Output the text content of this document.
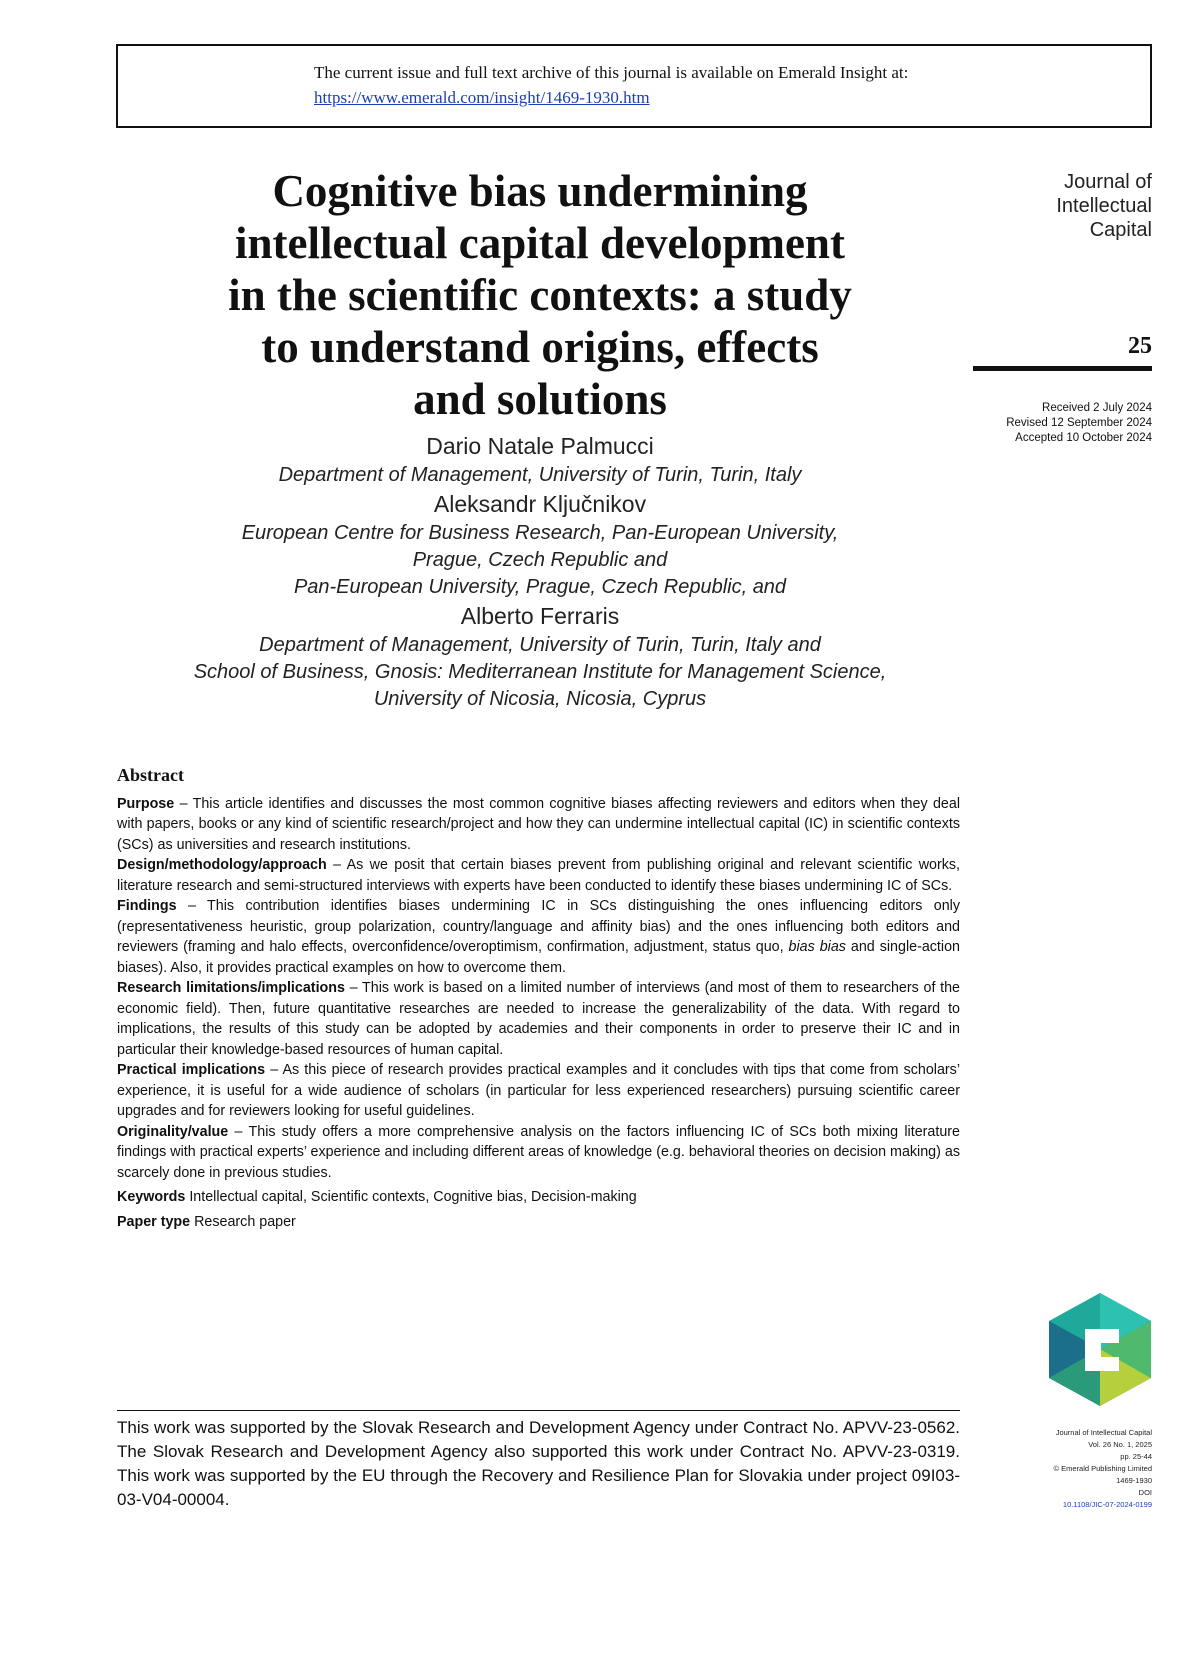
The current issue and full text archive of this journal is available on Emerald Insight at:
https://www.emerald.com/insight/1469-1930.htm
Cognitive bias undermining
intellectual capital development
in the scientific contexts: a study
to understand origins, effects
and solutions
Journal of
Intellectual
Capital
25
Received 2 July 2024
Revised 12 September 2024
Accepted 10 October 2024
Dario Natale Palmucci
Department of Management, University of Turin, Turin, Italy
Aleksandr Ključnikov
European Centre for Business Research, Pan-European University,
Prague, Czech Republic and
Pan-European University, Prague, Czech Republic, and
Alberto Ferraris
Department of Management, University of Turin, Turin, Italy and
School of Business, Gnosis: Mediterranean Institute for Management Science,
University of Nicosia, Nicosia, Cyprus
Abstract

Purpose – This article identifies and discusses the most common cognitive biases affecting reviewers and editors when they deal with papers, books or any kind of scientific research/project and how they can undermine intellectual capital (IC) in scientific contexts (SCs) as universities and research institutions.

Design/methodology/approach – As we posit that certain biases prevent from publishing original and relevant scientific works, literature research and semi-structured interviews with experts have been conducted to identify these biases undermining IC of SCs.

Findings – This contribution identifies biases undermining IC in SCs distinguishing the ones influencing editors only (representativeness heuristic, group polarization, country/language and affinity bias) and the ones influencing both editors and reviewers (framing and halo effects, overconfidence/overoptimism, confirmation, adjustment, status quo, bias bias and single-action biases). Also, it provides practical examples on how to overcome them.

Research limitations/implications – This work is based on a limited number of interviews (and most of them to researchers of the economic field). Then, future quantitative researches are needed to increase the generalizability of the data. With regard to implications, the results of this study can be adopted by academies and their components in order to preserve their IC and in particular their knowledge-based resources of human capital.

Practical implications – As this piece of research provides practical examples and it concludes with tips that come from scholars’ experience, it is useful for a wide audience of scholars (in particular for less experienced researchers) pursuing scientific career upgrades and for reviewers looking for useful guidelines.

Originality/value – This study offers a more comprehensive analysis on the factors influencing IC of SCs both mixing literature findings with practical experts’ experience and including different areas of knowledge (e.g. behavioral theories on decision making) as scarcely done in previous studies.

Keywords Intellectual capital, Scientific contexts, Cognitive bias, Decision-making

Paper type Research paper

This work was supported by the Slovak Research and Development Agency under Contract No. APVV-23-0562. The Slovak Research and Development Agency also supported this work under Contract No. APVV-23-0319. This work was supported by the EU through the Recovery and Resilience Plan for Slovakia under project 09I03-03-V04-00004.
Journal of Intellectual Capital
Vol. 26 No. 1, 2025
pp. 25-44
© Emerald Publishing Limited
1469-1930
DOI
10.1108/JIC-07-2024-0199
